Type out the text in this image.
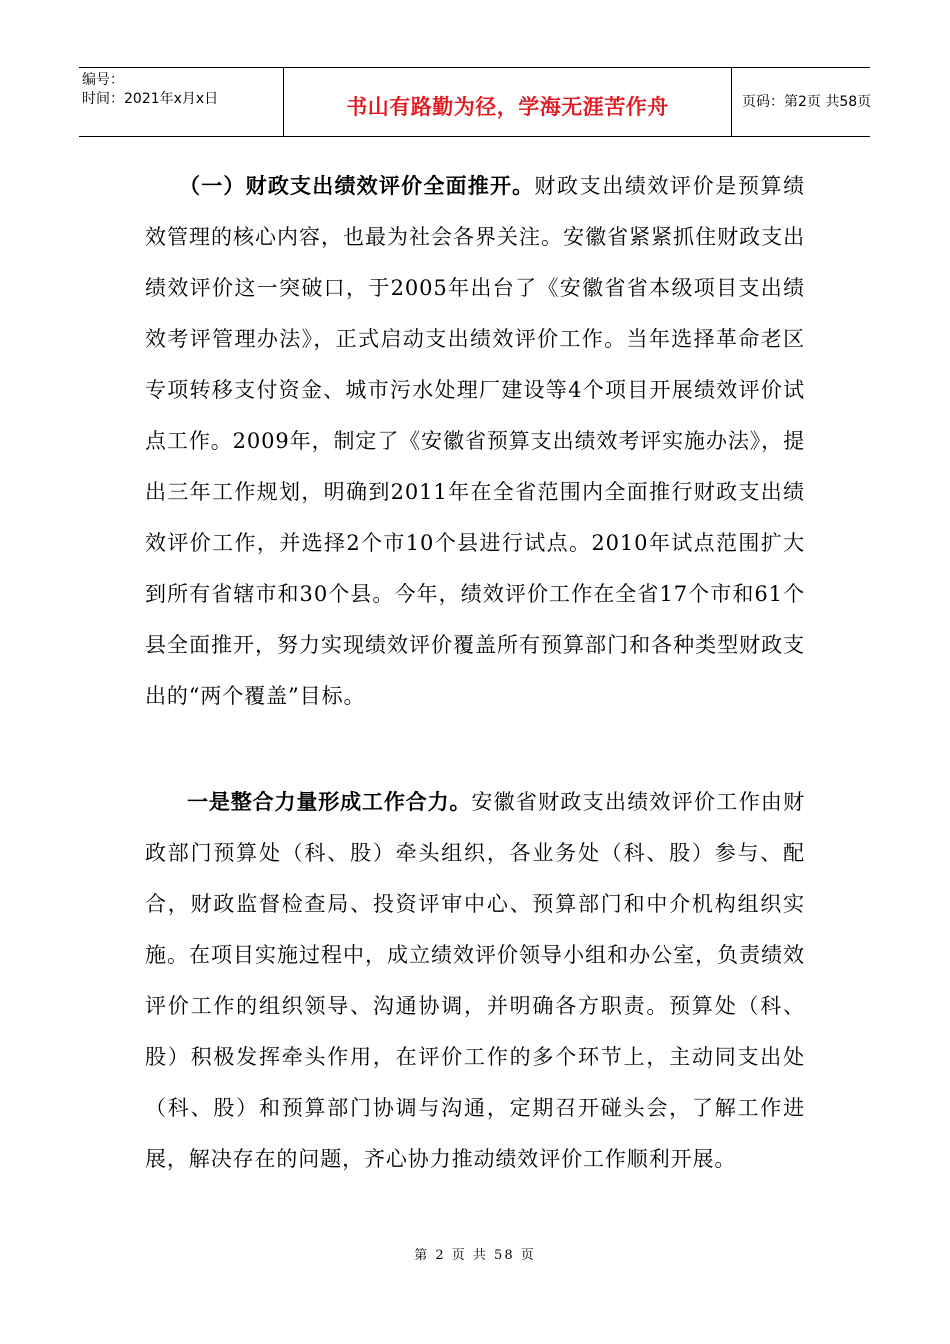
编号：
时间：2021年x月x日	书山有路勤为径，学海无涯苦作舟	页码：第2页 共58页
（一）财政支出绩效评价全面推开。财政支出绩效评价是预算绩效管理的核心内容，也最为社会各界关注。安徽省紧紧抓住财政支出绩效评价这一突破口，于2005年出台了《安徽省省本级项目支出绩效考评管理办法》，正式启动支出绩效评价工作。当年选择革命老区专项转移支付资金、城市污水处理厂建设等4个项目开展绩效评价试点工作。2009年，制定了《安徽省预算支出绩效考评实施办法》，提出三年工作规划，明确到2011年在全省范围内全面推行财政支出绩效评价工作，并选择2个市10个县进行试点。2010年试点范围扩大到所有省辖市和30个县。今年，绩效评价工作在全省17个市和61个县全面推开，努力实现绩效评价覆盖所有预算部门和各种类型财政支出的“两个覆盖”目标。
一是整合力量形成工作合力。安徽省财政支出绩效评价工作由财政部门预算处（科、股）牵头组织，各业务处（科、股）参与、配合，财政监督检查局、投资评审中心、预算部门和中介机构组织实施。在项目实施过程中，成立绩效评价领导小组和办公室，负责绩效评价工作的组织领导、沟通协调，并明确各方职责。预算处（科、股）积极发挥牵头作用，在评价工作的多个环节上，主动同支出处（科、股）和预算部门协调与沟通，定期召开碰头会，了解工作进展，解决存在的问题，齐心协力推动绩效评价工作顺利开展。
第 2 页 共 58 页
